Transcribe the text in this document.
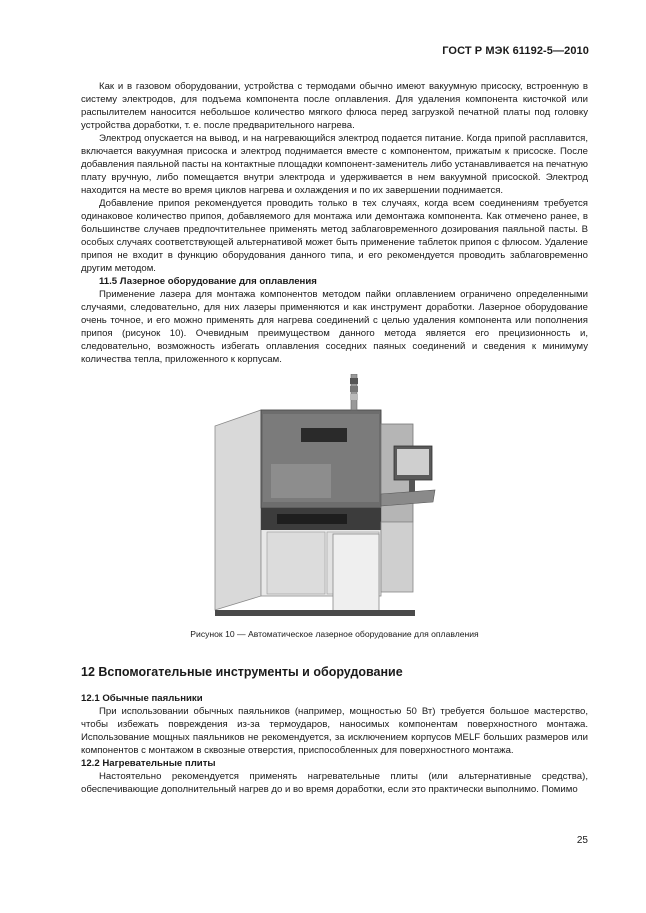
ГОСТ Р МЭК 61192-5—2010

Как и в газовом оборудовании, устройства с термодами обычно имеют вакуумную присоску, встроенную в систему электродов, для подъема компонента после оплавления. Для удаления компонента кисточкой или распылителем наносится небольшое количество мягкого флюса перед загрузкой печатной платы под головку устройства доработки, т. е. после предварительного нагрева.

Электрод опускается на вывод, и на нагревающийся электрод подается питание. Когда припой расплавится, включается вакуумная присоска и электрод поднимается вместе с компонентом, прижатым к присоске. После добавления паяльной пасты на контактные площадки компонент-заменитель либо устанавливается на печатную плату вручную, либо помещается внутри электрода и удерживается в нем вакуумной присоской. Электрод находится на месте во время циклов нагрева и охлаждения и по их завершении поднимается.

Добавление припоя рекомендуется проводить только в тех случаях, когда всем соединениям требуется одинаковое количество припоя, добавляемого для монтажа или демонтажа компонента. Как отмечено ранее, в большинстве случаев предпочтительнее применять метод заблаговременного дозирования паяльной пасты. В особых случаях соответствующей альтернативой может быть применение таблеток припоя с флюсом. Удаление припоя не входит в функцию оборудования данного типа, и его рекомендуется проводить заблаговременно другим методом.

11.5 Лазерное оборудование для оплавления

Применение лазера для монтажа компонентов методом пайки оплавлением ограничено определенными случаями, следовательно, для них лазеры применяются и как инструмент доработки. Лазерное оборудование очень точное, и его можно применять для нагрева соединений с целью удаления компонента или пополнения припоя (рисунок 10). Очевидным преимуществом данного метода является его прецизионность и, следовательно, возможность избегать оплавления соседних паяных соединений и сведения к минимуму количества тепла, приложенного к корпусам.

Рисунок 10 — Автоматическое лазерное оборудование для оплавления
12 Вспомогательные инструменты и оборудование
12.1 Обычные паяльники

При использовании обычных паяльников (например, мощностью 50 Вт) требуется большое мастерство, чтобы избежать повреждения из-за термоударов, наносимых компонентам поверхностного монтажа. Использование мощных паяльников не рекомендуется, за исключением корпусов MELF больших размеров или компонентов с монтажом в сквозные отверстия, приспособленных для поверхностного монтажа.

12.2 Нагревательные плиты

Настоятельно рекомендуется применять нагревательные плиты (или альтернативные средства), обеспечивающие дополнительный нагрев до и во время доработки, если это практически выполнимо. Помимо

25
